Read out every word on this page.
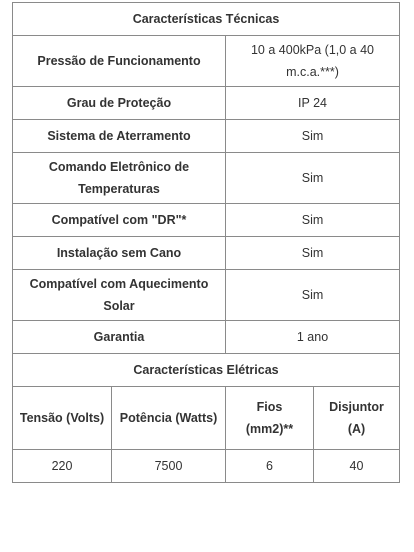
Características Técnicas			
Pressão de Funcionamento		10 a 400kPa (1,0 a 40 m.c.a.***)	
Grau de Proteção		IP 24	
Sistema de Aterramento		Sim	
Comando Eletrônico de Temperaturas		Sim	
Compatível com "DR"*		Sim	
Instalação sem Cano		Sim	
Compatível com Aquecimento Solar		Sim	
Garantia		1 ano	
Características Elétricas			
Tensão (Volts)	Potência (Watts)	Fios (mm2)**	Disjuntor (A)
220	7500	6	40
